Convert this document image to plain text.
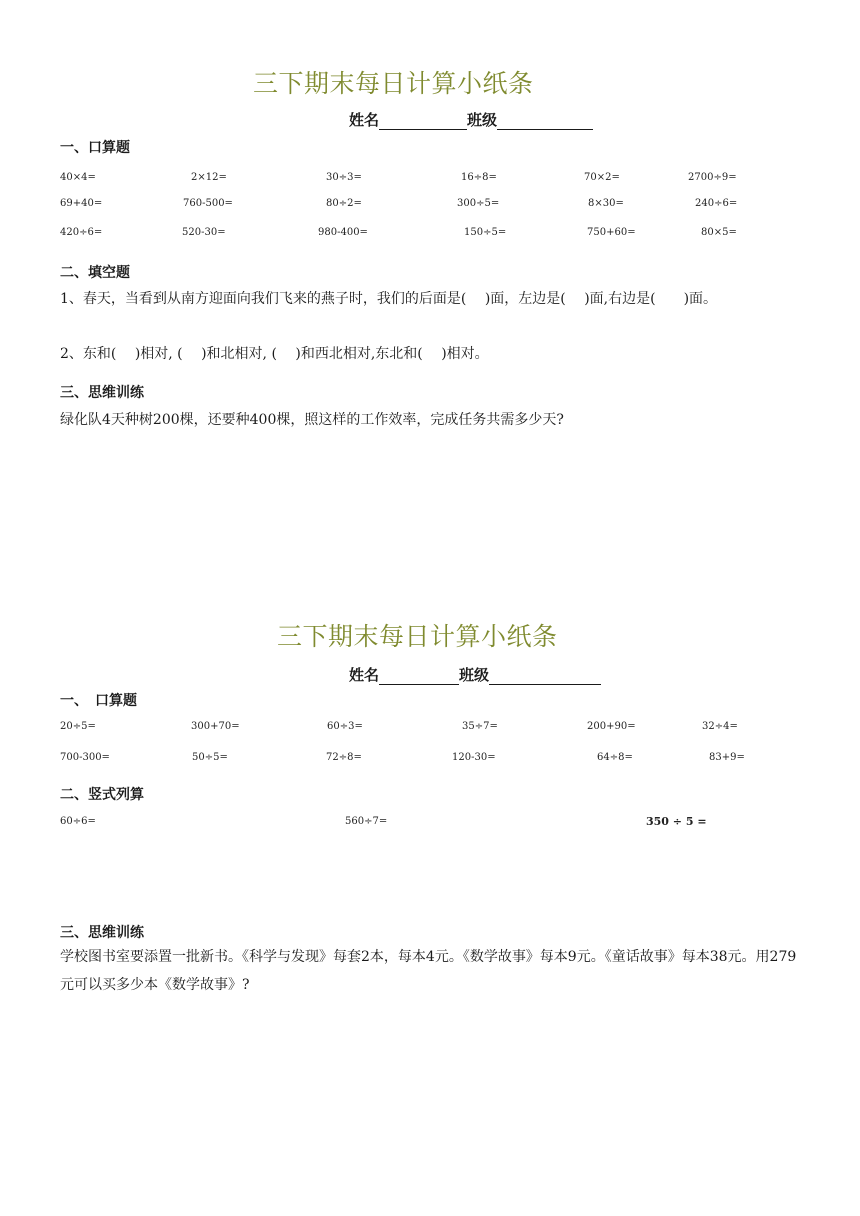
三下期末每日计算小纸条
姓名	班级
一、口算题
40×4=	2×12=	30÷3=	16÷8=	70×2=	2700÷9=
69+40=	760-500=	80÷2=	300÷5=	8×30=	240÷6=
420÷6=	520-30=	980-400=	150÷5=	750+60=	80×5=
二、填空题
1、春天，当看到从南方迎面向我们飞来的燕子时，我们的后面是(　 )面，左边是(　 )面,右边是(　　)面。
2、东和(　 )相对, (　 )和北相对, (　 )和西北相对,东北和(　 )相对。
三、思维训练
绿化队4天种树200棵，还要种400棵，照这样的工作效率，完成任务共需多少天?
三下期末每日计算小纸条
姓名	班级
一、　口算题
20÷5=	300+70=	60÷3=	35÷7=	200+90=	32÷4=
700-300=	50÷5=	72÷8=	120-30=	64÷8=	83+9=
二、竖式列算
60÷6=	560÷7=	350 ÷ 5 =
三、思维训练
学校图书室要添置一批新书。《科学与发现》每套2本，每本4元。《数学故事》每本9元。《童话故事》每本38元。用279元可以买多少本《数学故事》?
